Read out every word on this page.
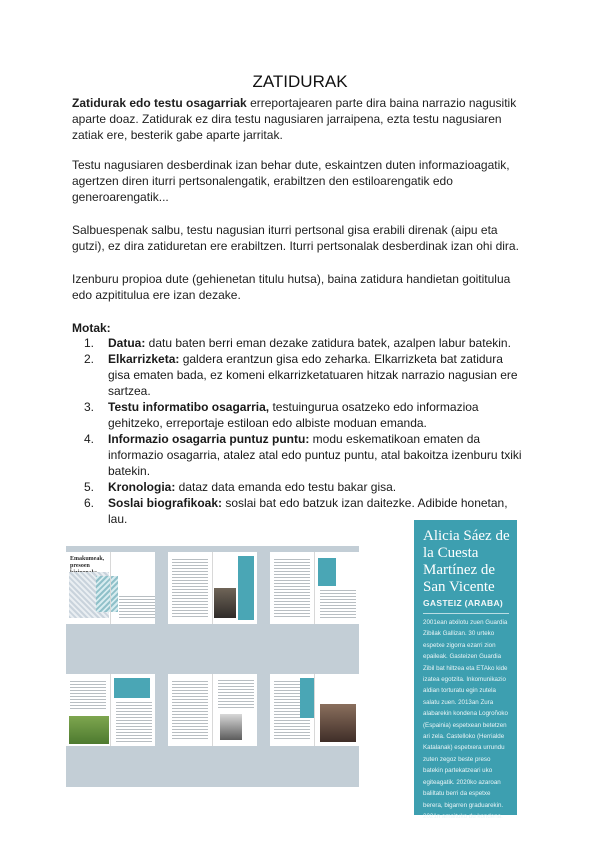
ZATIDURAK

Zatidurak edo testu osagarriak erreportajearen parte dira baina narrazio nagusitik aparte doaz. Zatidurak ez dira testu nagusiaren jarraipena, ezta testu nagusiaren zatiak ere, besterik gabe aparte jarritak.

Testu nagusiaren desberdinak izan behar dute, eskaintzen duten informazioagatik, agertzen diren iturri pertsonalengatik, erabiltzen den estiloarengatik edo generoarengatik...

Salbuespenak salbu, testu nagusian iturri pertsonal gisa erabili direnak (aipu eta gutzi), ez dira zatiduretan ere erabiltzen. Iturri pertsonalak desberdinak izan ohi dira.

Izenburu propioa dute (gehienetan titulu hutsa), baina zatidura handietan goititulua edo azpititulua ere izan dezake.

Motak:
1. Datua: datu baten berri eman dezake zatidura batek, azalpen labur batekin.
2. Elkarrizketa: galdera erantzun gisa edo zeharka. Elkarrizketa bat zatidura gisa ematen bada, ez komeni elkarrizketatuaren hitzak narrazio nagusian ere sartzea.
3. Testu informatibo osagarria, testuingurua osatzeko edo informazioa gehitzeko, erreportaje estiloan edo albiste moduan emanda.
4. Informazio osagarria puntuz puntu: modu eskematikoan ematen da informazio osagarria, atalez atal edo puntuz puntu, atal bakoitza izenburu txiki batekin.
5. Kronologia: dataz data emanda edo testu bakar gisa.
6. Soslai biografikoak: soslai bat edo batzuk izan daitezke. Adibide honetan, lau.
Emakumeak, presoen
Alicia Sáez de la Cuesta Martínez de San Vicente
GASTEIZ (ARABA)

2001ean atxilotu zuen Guardia Zibilak Gallizan. 30 urteko espetxe zigorra ezarri zion epaileak. Gasteizen Guardia Zibil bat hiltzea eta ETAko kide izatea egotzita. Inkomunikazio aldian torturatu egin zutela salatu zuen. 2013an Zura alabarekin kondena Logroñoko (Espainia) espetxean betetzen ari zela. Castelloko (Herrialde Katalanak) espetxera urrundu zuten zegoz beste preso batekin partekatzeari uko egiteagatik. 2020ko azaroan baliltatu berri da espetxe berera, bigarren graduarekin. 2021n amaituko du kondena.
